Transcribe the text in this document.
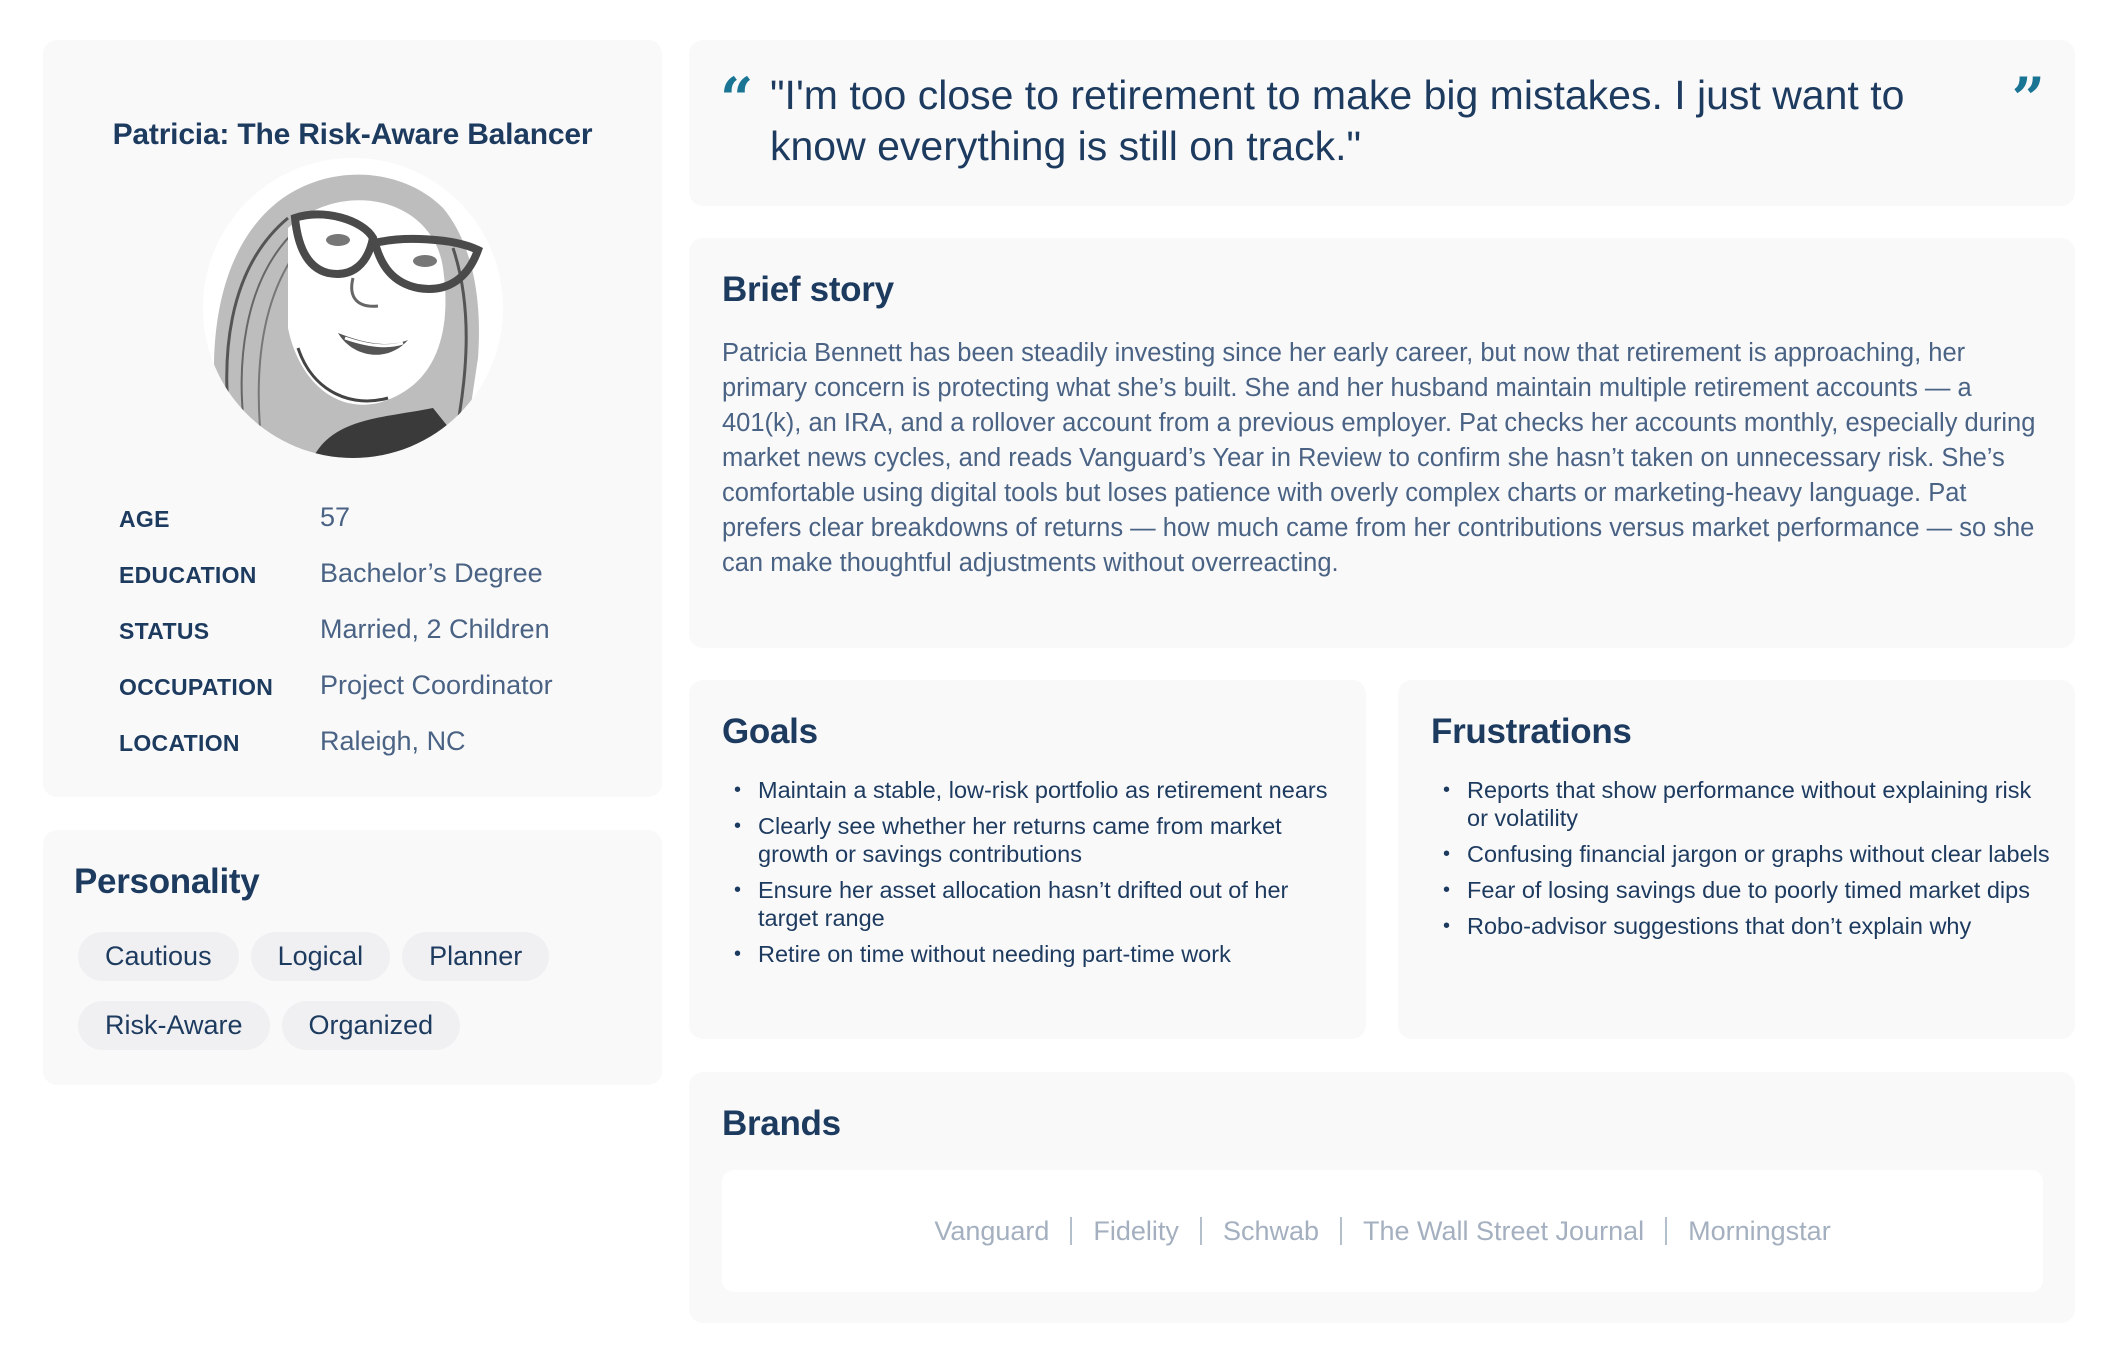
Patricia: The Risk-Aware Balancer
AGE	57
EDUCATION Bachelor’s Degree
STATUS	Married, 2 Children
OCCUPATION Project Coordinator
LOCATION	Raleigh, NC
Personality
Cautious	Logical	Planner
Risk-Aware	Organized
“ "I'm too close to retirement to make big mistakes. I just want to know everything is still on track."
”
Brief story
Patricia Bennett has been steadily investing since her early career, but now that retirement is approaching, her primary concern is protecting what she’s built. She and her husband maintain multiple retirement accounts — a 401(k), an IRA, and a rollover account from a previous employer. Pat checks her accounts monthly, especially during market news cycles, and reads Vanguard’s Year in Review to confirm she hasn’t taken on unnecessary risk. She’s comfortable using digital tools but loses patience with overly complex charts or marketing-heavy language. Pat prefers clear breakdowns of returns — how much came from her contributions versus market performance — so she can make thoughtful adjustments without overreacting.
Goals
• Maintain a stable, low-risk portfolio as retirement nears
• Clearly see whether her returns came from market growth or savings contributions
• Ensure her asset allocation hasn’t drifted out of her target range
• Retire on time without needing part-time work
Frustrations
• Reports that show performance without explaining risk or volatility
• Confusing financial jargon or graphs without clear labels
• Fear of losing savings due to poorly timed market dips
• Robo-advisor suggestions that don’t explain why
Brands
Vanguard Fidelity Schwab The Wall Street Journal Morningstar
